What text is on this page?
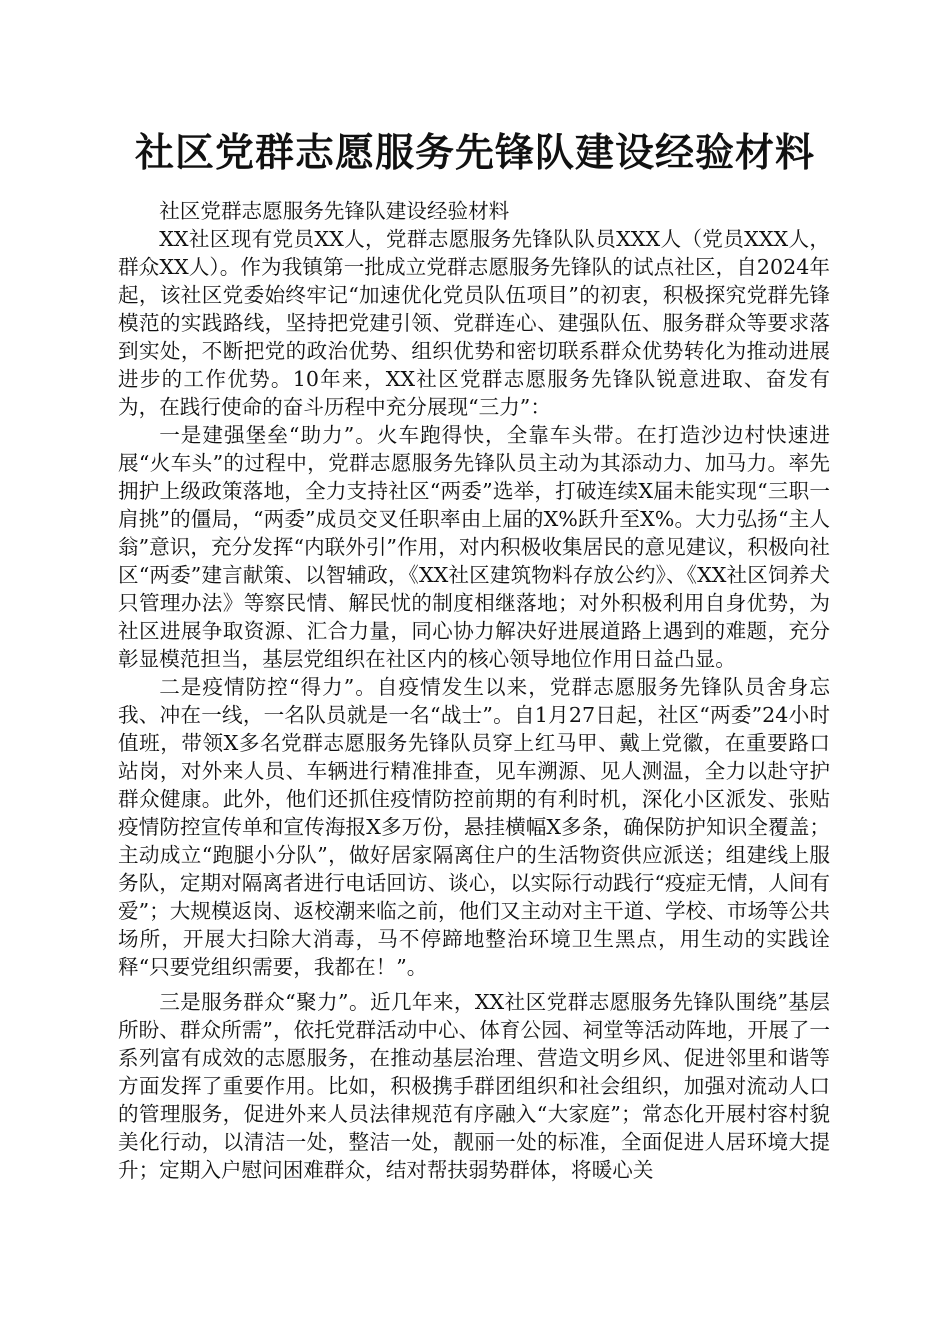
社区党群志愿服务先锋队建设经验材料

社区党群志愿服务先锋队建设经验材料

XX社区现有党员XX人，党群志愿服务先锋队队员XXX人（党员XXX人，群众XX人）。作为我镇第一批成立党群志愿服务先锋队的试点社区，自2024年起，该社区党委始终牢记“加速优化党员队伍项目”的初衷，积极探究党群先锋模范的实践路线，坚持把党建引领、党群连心、建强队伍、服务群众等要求落到实处，不断把党的政治优势、组织优势和密切联系群众优势转化为推动进展进步的工作优势。10年来，XX社区党群志愿服务先锋队锐意进取、奋发有为，在践行使命的奋斗历程中充分展现“三力”：

一是建强堡垒“助力”。火车跑得快，全靠车头带。在打造沙边村快速进展“火车头”的过程中，党群志愿服务先锋队员主动为其添动力、加马力。率先拥护上级政策落地，全力支持社区“两委”选举，打破连续X届未能实现“三职一肩挑”的僵局，“两委”成员交叉任职率由上届的X%跃升至X%。大力弘扬“主人翁”意识，充分发挥“内联外引”作用，对内积极收集居民的意见建议，积极向社区“两委”建言献策、以智辅政，《XX社区建筑物料存放公约》、《XX社区饲养犬只管理办法》等察民情、解民忧的制度相继落地；对外积极利用自身优势，为社区进展争取资源、汇合力量，同心协力解决好进展道路上遇到的难题，充分彰显模范担当，基层党组织在社区内的核心领导地位作用日益凸显。

二是疫情防控“得力”。自疫情发生以来，党群志愿服务先锋队员舍身忘我、冲在一线，一名队员就是一名“战士”。自1月27日起，社区“两委”24小时值班，带领X多名党群志愿服务先锋队员穿上红马甲、戴上党徽，在重要路口站岗，对外来人员、车辆进行精准排查，见车溯源、见人测温，全力以赴守护群众健康。此外，他们还抓住疫情防控前期的有利时机，深化小区派发、张贴疫情防控宣传单和宣传海报X多万份，悬挂横幅X多条，确保防护知识全覆盖；主动成立“跑腿小分队”，做好居家隔离住户的生活物资供应派送；组建线上服务队，定期对隔离者进行电话回访、谈心，以实际行动践行“疫症无情，人间有爱”；大规模返岗、返校潮来临之前，他们又主动对主干道、学校、市场等公共场所，开展大扫除大消毒，马不停蹄地整治环境卫生黑点，用生动的实践诠释“只要党组织需要，我都在！”。

三是服务群众“聚力”。近几年来，XX社区党群志愿服务先锋队围绕”基层所盼、群众所需”，依托党群活动中心、体育公园、祠堂等活动阵地，开展了一系列富有成效的志愿服务，在推动基层治理、营造文明乡风、促进邻里和谐等方面发挥了重要作用。比如，积极携手群团组织和社会组织，加强对流动人口的管理服务，促进外来人员法律规范有序融入“大家庭”；常态化开展村容村貌美化行动，以清洁一处，整洁一处，靓丽一处的标准，全面促进人居环境大提升；定期入户慰问困难群众，结对帮扶弱势群体，将暖心关
